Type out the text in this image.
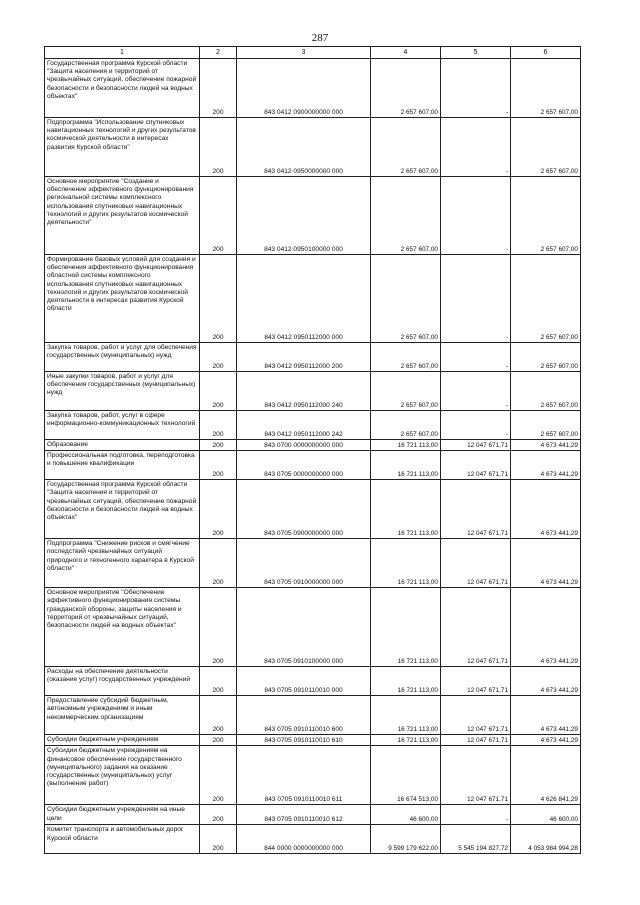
287
1	2	3	4	5	6
Государственная программа Курской области "Защита населения и территорий от чрезвычайных ситуаций, обеспечение пожарной безопасности и безопасности людей на водных объектах"	200	843 0412 0900000000 000	2 657 607,00	-	2 657 607,00
Подпрограмма "Использование спутниковых навигационных технологий и других результатов космической деятельности в интересах развития Курской области"	200	843 0412 0950000000 000	2 657 607,00	-	2 657 607,00
Основное мероприятие "Создание и обеспечение эффективного функционирования региональной системы комплексного использования спутниковых навигационных технологий и других результатов космической деятельности"	200	843 0412 0950100000 000	2 657 607,00	-	2 657 607,00
Формирование базовых условий для создания и обеспечения эффективного функционирования областной системы комплексного использования спутниковых навигационных технологий и других результатов космической деятельности в интересах развития Курской области	200	843 0412 0950112000 000	2 657 607,00	-	2 657 607,00
Закупка товаров, работ и услуг для обеспечения государственных (муниципальных) нужд	200	843 0412 0950112000 200	2 657 607,00	-	2 657 607,00
Иные закупки товаров, работ и услуг для обеспечения государственных (муниципальных) нужд	200	843 0412 0950112000 240	2 657 607,00	-	2 657 607,00
Закупка товаров, работ, услуг в сфере информационно-коммуникационных технологий	200	843 0412 0950112000 242	2 657 607,00	-	2 657 607,00
Образование	200	843 0700 0000000000 000	16 721 113,00	12 047 671,71	4 673 441,29
Профессиональная подготовка, переподготовка и повышение квалификации	200	843 0705 0000000000 000	16 721 113,00	12 047 671,71	4 673 441,29
Государственная программа Курской области "Защита населения и территорий от чрезвычайных ситуаций, обеспечение пожарной безопасности и безопасности людей на водных объектах"	200	843 0705 0900000000 000	16 721 113,00	12 047 671,71	4 673 441,29
Подпрограмма "Снижение рисков и смягчение последствий чрезвычайных ситуаций природного и техногенного характера в Курской области"	200	843 0705 0910000000 000	16 721 113,00	12 047 671,71	4 673 441,29
Основное мероприятие "Обеспечение эффективного функционирования системы гражданской обороны, защиты населения и территорий от чрезвычайных ситуаций, безопасности людей на водных объектах"	200	843 0705 0910100000 000	16 721 113,00	12 047 671,71	4 673 441,29
Расходы на обеспечение деятельности (оказание услуг) государственных учреждений	200	843 0705 0910110010 000	16 721 113,00	12 047 671,71	4 673 441,29
Предоставление субсидий бюджетным, автономным учреждениям и иным некоммерческим организациям	200	843 0705 0910110010 600	16 721 113,00	12 047 671,71	4 673 441,29
Субсидии бюджетным учреждениям	200	843 0705 0910110010 610	16 721 113,00	12 047 671,71	4 673 441,29
Субсидии бюджетным учреждениям на финансовое обеспечение государственного (муниципального) задания на оказание государственных (муниципальных) услуг (выполнение работ)	200	843 0705 0910110010 611	16 674 513,00	12 047 671,71	4 626 841,29
Субсидии бюджетным учреждениям на иные цели	200	843 0705 0910110010 612	46 600,00	-	46 600,00
Комитет транспорта и автомобильных дорог Курской области	200	844 0000 0000000000 000	9 599 179 622,00	5 545 194 827,72	4 053 984 994,28
